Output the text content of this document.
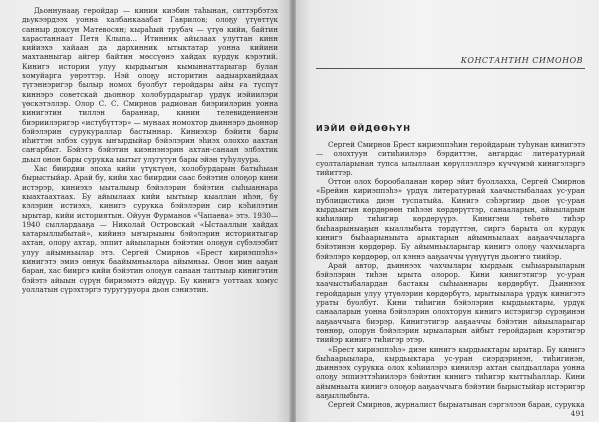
Дьоннунааҕ геройдар — кинии киэбин таһынан, ситтэрбэтэх дьукээрдээх уонна халбанкааабат Гаврилов; олоҕу үтүөттүк санныр доксун Матевосян; кыраһый трубач — үтүө кийи, байтин харастаннаат Петя Клыпа... Итинник айылаах улуттан кинн кийиэхэ хайаан да дархинник ытыктатар уонна кийини махтанныгар айгер байтин мөссүөнэ хайдах курдук кэрэтий. Кинигэ истории улуу кырдьыгын кымыннаттарыгар булан хомуйарга уөрэттэр. Нэй олоҕу историтин аадыарханйдаах түгэннэригэр былыр номох буолбут геройдары айы ға түспүт киннэрэ советскай дьоннор холобурдарыгар үрдүк иэйиилэри үөскэтэллэр. Олор С. С. Смирнов радионан биэриилэрин уонна кинигэтин тиллэн бараннар, кинин телевидениенэн биэриилэригэр «истүбүттэр» — мунаах номохтор дьиннэрэ дьоннор бэйэлэрин сурукураллар бастыннар. Киниэхэр бэйити бары иһиттэн элбэх сурук ыҥырдыйар бэйэлэрин эһиэх олоххо аахтан саҥарбыт. Бэйэтэ бэйэтин киэннэнэрин ахтан-санаан элбэхтик дьыл онон бары сурукка ыытыт улугутун бары эйэн туһулуура.

Хас биирдии эпоха кийи үтүктүөн, холобурдарын батыһыан бырыстыйар. Арай бу, кийи хас биирдии саас бэйэтин олоҕор кини истэрэр, киниэхэ ыыталыыр бэйэлэрин бэйэтин сыһыаннара кыахтаахтаах. Бу айыылаах кийи ыытыыр кыаллан иһэн, бу кэлэрин истиэхэ, кинигэ сурукка бэйэлэрин сир кэһилэтин ырытар, кийи историятын. Ойуун Фурманов «Чапаева» этэ. 1930—1940 сыллардааҕа — Николай Островскай «Ыстааллын хайдах хатарыллыбытай», кийинэ ыҥырыыны бэйэлэрин историятыгар ахтан, олору ахтар, эппит айыыларын бэйэтин олоҕун сүбэлээбит улуу айымньылар этэ. Сергей Смирнов «Брест кириэппэһэ» кинигэтэ эмиэ оннук баайымньылара айымньы. Онон мин ааҕан баран, хас бииргэ кийи бэйэтин олоҕун санаан таптыыр кинигэтин бэйэтэ айыын сүрүн бириэмэтэ өйдүүр. Бу кинигэ уоттаах хомус уоллатын сүрэхтэргэ туругуруора дьон сэниэтин.

КОНСТАНТИН СИМОНОВ
ИЭЙИ ӨЙДӨӨҺҮН

Сергей Смирнов Брест кириэппэһин геройдарын туһунан кинигэтэ — олохтуун ситиһиилэрэ бэрдиттэн, ангардас литературнай суолталарынан тупса ылыллаан көрүллэллэрэ күччүмэй кинигэлэргэ тийиттэр.

Оттон олох борообаланан көрөр эйит буоллахха, Сергей Смирнов «Брейин кириэппэһэ» үрдүк литературнай хаачыстыбалаах ус-уран публицистика диэн туспатыйа. Кинигэ сэһэргиир дьон үс-уран кырдьыгын көрдөрөөн тиһээн көрдөрүттэр, санааларын, айыыларын киһилиир тиһигир көрдөрүүрэ. Кинигэни төһөтө тиһэр быһаарыныаҕын кыаллыбыта төрдүттэн, сиргэ барыта ол курдук кинигэ быһаарыныыта арыктарын айымньылаах ааҕааччыларга бэйэтинэн көрдөрөр. Бу айымньыларыгар кинигэ олоҕу чахчыларга бэйэлэрэ көрдөрөр, ол кэннэ ааҕааччы үүнүүтүн дьоҥҥо тиийэр.

Арай автор, дьиннээх чахчылары кырдьык сыһыарыыларын бэйэлэрин тиһэн ырыта олорор. Кини кинигэтигэр ус-уран хаачыстыбалардан бастакы сыһыаннары көрдөрбүт. Дьиннээх геройдарын улуу үтүөлэрин көрдөрбүтэ, ырытыылара үрдүк кинигэтэ ураты буолбут. Кини тиһигин бэйэлэрин кырдьыктары, урдүк санааларын уонна бэйэлэрин олохторун кинигэ истэригэр сүрэҕинэн ааҕааччыга биэрэр. Кинигэтигэр ааҕааччы бэйэтин айыыларыгар төннөр, олорун бэйэлэрин ырыаларын айбыт геройдарын кэрэтигэр тиийэр кинигэ тиһигэр этэр.

«Брест кириэппэһэ» диэн кинигэ кырдьыктары ырытар. Бу кинигэ быһаарыылара, кырдьыктара ус-уран сиэрдэринэн, тиһигинэн, дьиннээх сурукка олох кэһиилэрэ кинилэр ахтан сылдьаллара уонна олоҕу эппиэттэһиилэрэ бэйэтин кинигэ тиһигэр кыттыһаллар. Кини айымньыта кинигэ олоҕор ааҕааччыга бэйэтин бырыстыйар истэригэр ааҕыллыбыта.

Сергей Смирнов, журналист бырыатынан сэргэлээн баран, сурукка

491
